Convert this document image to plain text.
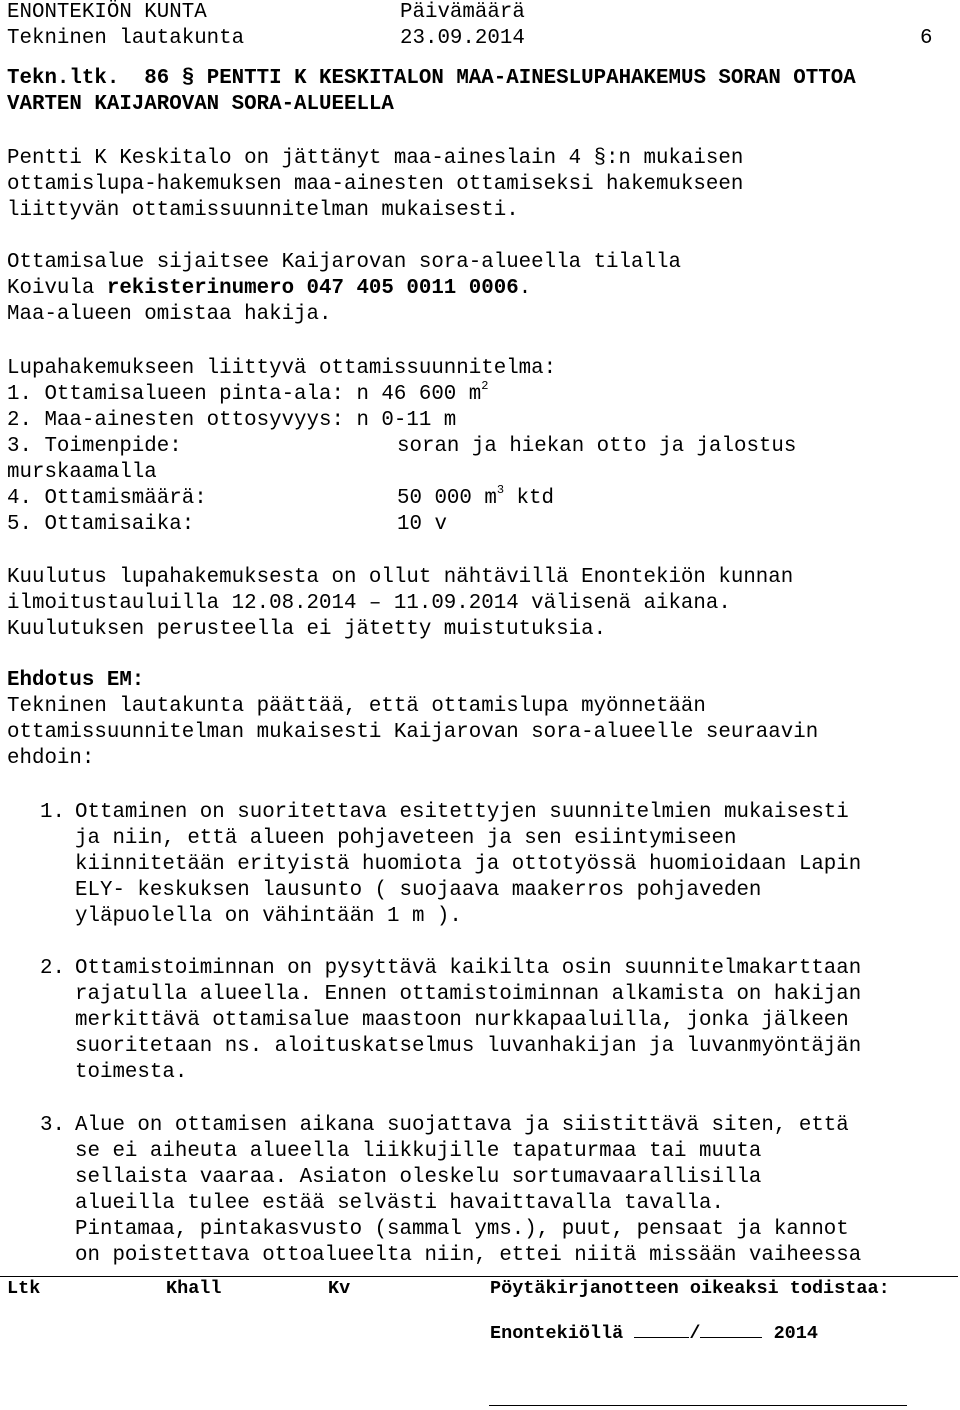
ENONTEKIÖN KUNTA	Päivämäärä
Tekninen lautakunta	23.09.2014	6
Tekn.ltk. 86 § PENTTI K KESKITALON MAA-AINESLUPAHAKEMUS SORAN OTTOA
VARTEN KAIJAROVAN SORA-ALUEELLA
Pentti K Keskitalo on jättänyt maa-aineslain 4 §:n mukaisen
ottamislupa-hakemuksen maa-ainesten ottamiseksi hakemukseen
liittyvän ottamissuunnitelman mukaisesti.
Ottamisalue sijaitsee Kaijarovan sora-alueella tilalla
Koivula rekisterinumero 047 405 0011 0006.
Maa-alueen omistaa hakija.
Lupahakemukseen liittyvä ottamissuunnitelma:
1. Ottamisalueen pinta-ala: n 46 600 $m^2$
2. Maa-ainesten ottosyvyys: n 0-11 m
3. Toimenpide:	soran ja hiekan otto ja jalostus
murskaamalla
4. Ottamismäärä:	50 000 $m^3$ ktd
5. Ottamisaika:	10 v
Kuulutus lupahakemuksesta on ollut nähtävillä Enontekiön kunnan
ilmoitustauluilla 12.08.2014 – 11.09.2014 välisenä aikana.
Kuulutuksen perusteella ei jätetty muistutuksia.
Ehdotus EM:
Tekninen lautakunta päättää, että ottamislupa myönnetään
ottamissuunnitelman mukaisesti Kaijarovan sora-alueelle seuraavin
ehdoin:
1. Ottaminen on suoritettava esitettyjen suunnitelmien mukaisesti
ja niin, että alueen pohjaveteen ja sen esiintymiseen
kiinnitetään erityistä huomiota ja ottotyössä huomioidaan Lapin
ELY- keskuksen lausunto ( suojaava maakerros pohjaveden
yläpuolella on vähintään 1 m ).
2. Ottamistoiminnan on pysyttävä kaikilta osin suunnitelmakarttaan
rajatulla alueella. Ennen ottamistoiminnan alkamista on hakijan
merkittävä ottamisalue maastoon nurkkapaaluilla, jonka jälkeen
suoritetaan ns. aloituskatselmus luvanhakijan ja luvanmyöntäjän
toimesta.
3. Alue on ottamisen aikana suojattava ja siistittävä siten, että
se ei aiheuta alueella liikkujille tapaturmaa tai muuta
sellaista vaaraa. Asiaton oleskelu sortumavaarallisilla
alueilla tulee estää selvästi havaittavalla tavalla.
Pintamaa, pintakasvusto (sammal yms.), puut, pensaat ja kannot
on poistettava ottoalueelta niin, ettei niitä missään vaiheessa
Ltk	Khall	Kv	Pöytäkirjanotteen oikeaksi todistaa:
Enontekiöllä	/	2014
